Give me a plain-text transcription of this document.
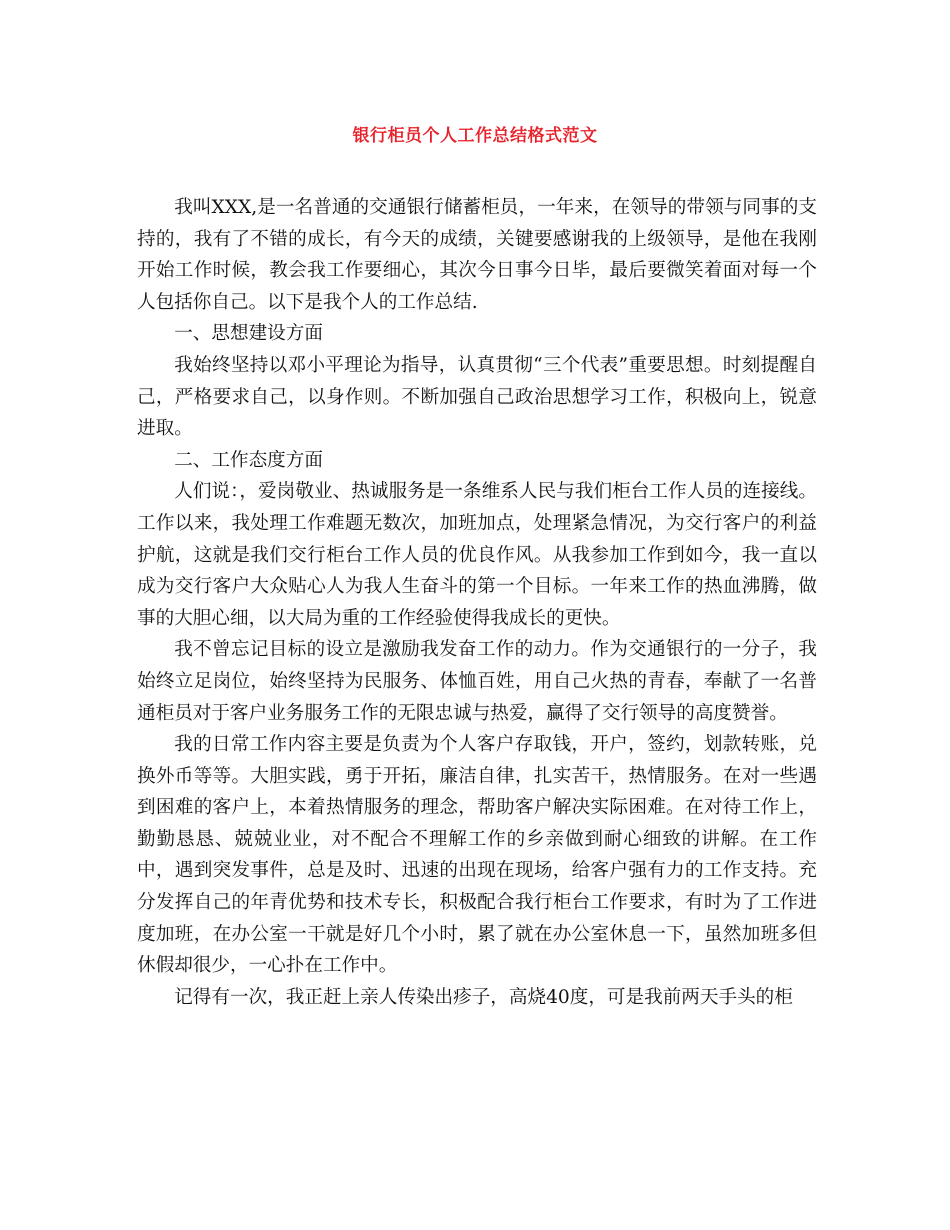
银行柜员个人工作总结格式范文

我叫XXX,是一名普通的交通银行储蓄柜员，一年来，在领导的带领与同事的支持的，我有了不错的成长，有今天的成绩，关键要感谢我的上级领导，是他在我刚开始工作时候，教会我工作要细心，其次今日事今日毕，最后要微笑着面对每一个人包括你自己。以下是我个人的工作总结.

一、思想建设方面

我始终坚持以邓小平理论为指导，认真贯彻“三个代表”重要思想。时刻提醒自己，严格要求自己，以身作则。不断加强自己政治思想学习工作，积极向上，锐意进取。

二、工作态度方面

人们说：，爱岗敬业、热诚服务是一条维系人民与我们柜台工作人员的连接线。工作以来，我处理工作难题无数次，加班加点，处理紧急情况，为交行客户的利益护航，这就是我们交行柜台工作人员的优良作风。从我参加工作到如今，我一直以成为交行客户大众贴心人为我人生奋斗的第一个目标。一年来工作的热血沸腾，做事的大胆心细，以大局为重的工作经验使得我成长的更快。

我不曾忘记目标的设立是激励我发奋工作的动力。作为交通银行的一分子，我始终立足岗位，始终坚持为民服务、体恤百姓，用自己火热的青春，奉献了一名普通柜员对于客户业务服务工作的无限忠诚与热爱，赢得了交行领导的高度赞誉。

我的日常工作内容主要是负责为个人客户存取钱，开户，签约，划款转账，兑换外币等等。大胆实践，勇于开拓，廉洁自律，扎实苦干，热情服务。在对一些遇到困难的客户上，本着热情服务的理念，帮助客户解决实际困难。在对待工作上，勤勤恳恳、兢兢业业，对不配合不理解工作的乡亲做到耐心细致的讲解。在工作中，遇到突发事件，总是及时、迅速的出现在现场，给客户强有力的工作支持。充分发挥自己的年青优势和技术专长，积极配合我行柜台工作要求，有时为了工作进度加班，在办公室一干就是好几个小时，累了就在办公室休息一下，虽然加班多但休假却很少，一心扑在工作中。

记得有一次，我正赶上亲人传染出疹子，高烧40度，可是我前两天手头的柜
